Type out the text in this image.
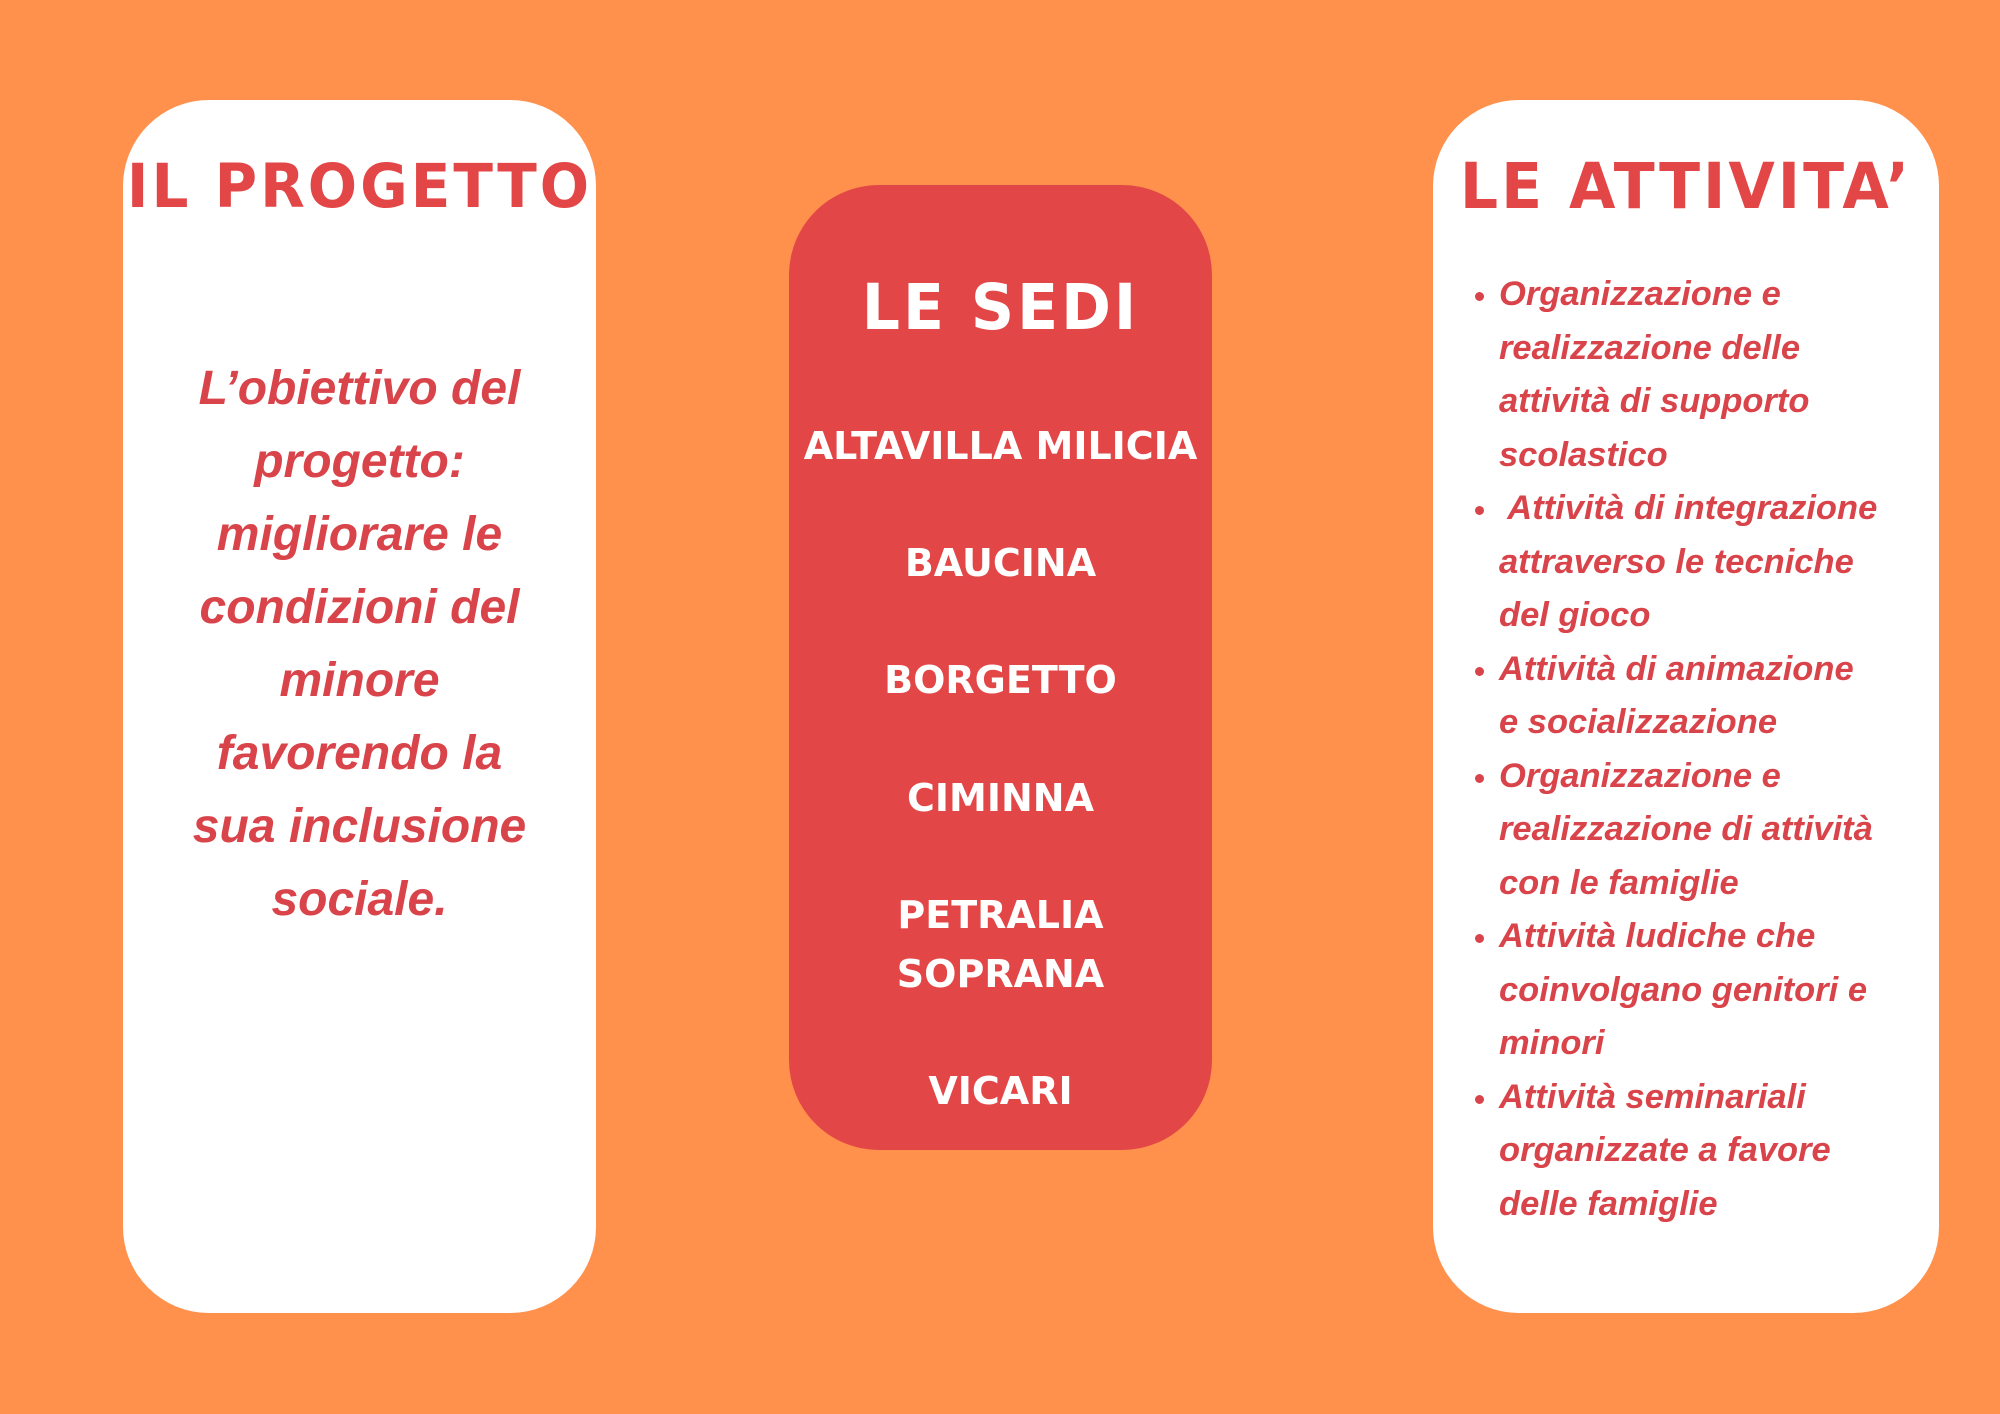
IL PROGETTO

L’obiettivo del
progetto:
migliorare le
condizioni del
minore
favorendo la
sua inclusione
sociale.

LE SEDI
ALTAVILLA MILICIA
BAUCINA
BORGETTO
CIMINNA
PETRALIA
SOPRANA
VICARI
LE ATTIVITA’
• Organizzazione e
realizzazione delle
attività di supporto
scolastico
•  Attività di integrazione
attraverso le tecniche
del gioco
• Attività di animazione
e socializzazione
• Organizzazione e
realizzazione di attività
con le famiglie
• Attività ludiche che
coinvolgano genitori e
minori
• Attività seminariali
organizzate a favore
delle famiglie
